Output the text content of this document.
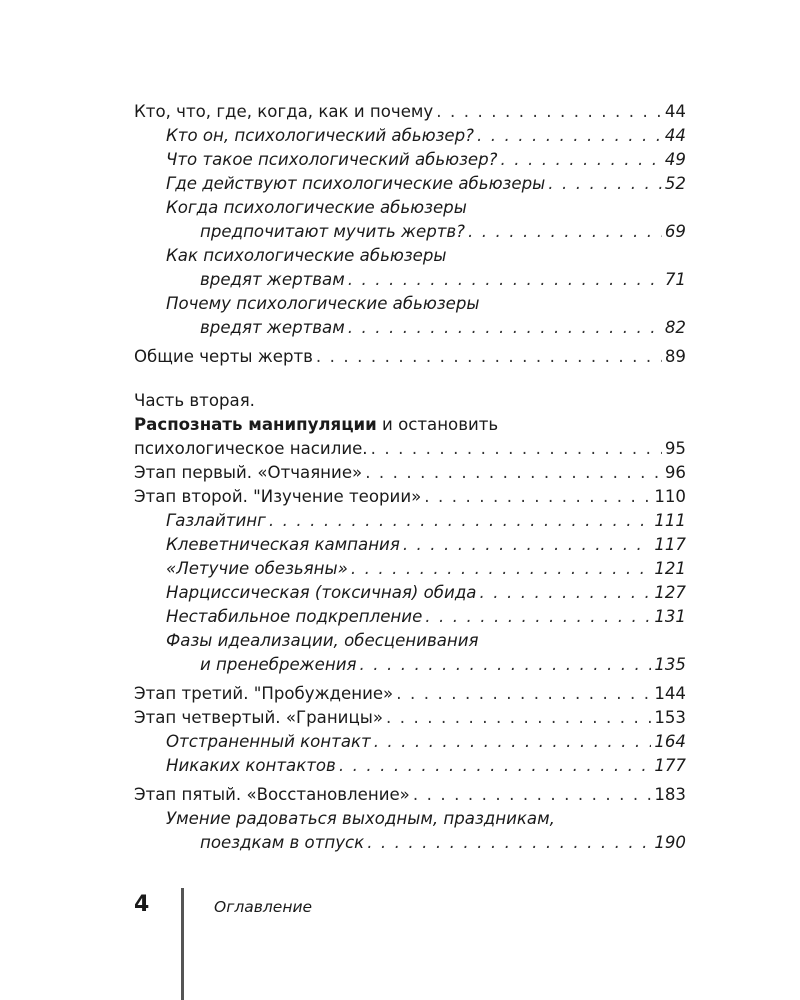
Кто, что, где, когда, как и почему . . .	44
Кто он, психологический абьюзер? . . .	44
Что такое психологический абьюзер? . . .	49
Где действуют психологические абьюзеры . . .	52
Когда психологические абьюзеры
предпочитают мучить жертв? . . .	69
Как психологические абьюзеры
вредят жертвам . . .	71
Почему психологические абьюзеры
вредят жертвам . . .	82
Общие черты жертв . . .	89
Часть вторая.
Распознать манипуляции и остановить
психологическое насилие. . . .	95
Этап первый. «Отчаяние» . . .	96
Этап второй. "Изучение теории» . . .	110
Газлайтинг . . .	111
Клеветническая кампания . . .	117
«Летучие обезьяны» . . .	121
Нарциссическая (токсичная) обида . . .	127
Нестабильное подкрепление . . .	131
Фазы идеализации, обесценивания
и пренебрежения . . .	135
Этап третий. "Пробуждение» . . .	144
Этап четвертый. «Границы» . . .	153
Отстраненный контакт . . .	164
Никаких контактов . . .	177
Этап пятый. «Восстановление» . . .	183
Умение радоваться выходным, праздникам,
поездкам в отпуск . . .	190
4	Оглавление
